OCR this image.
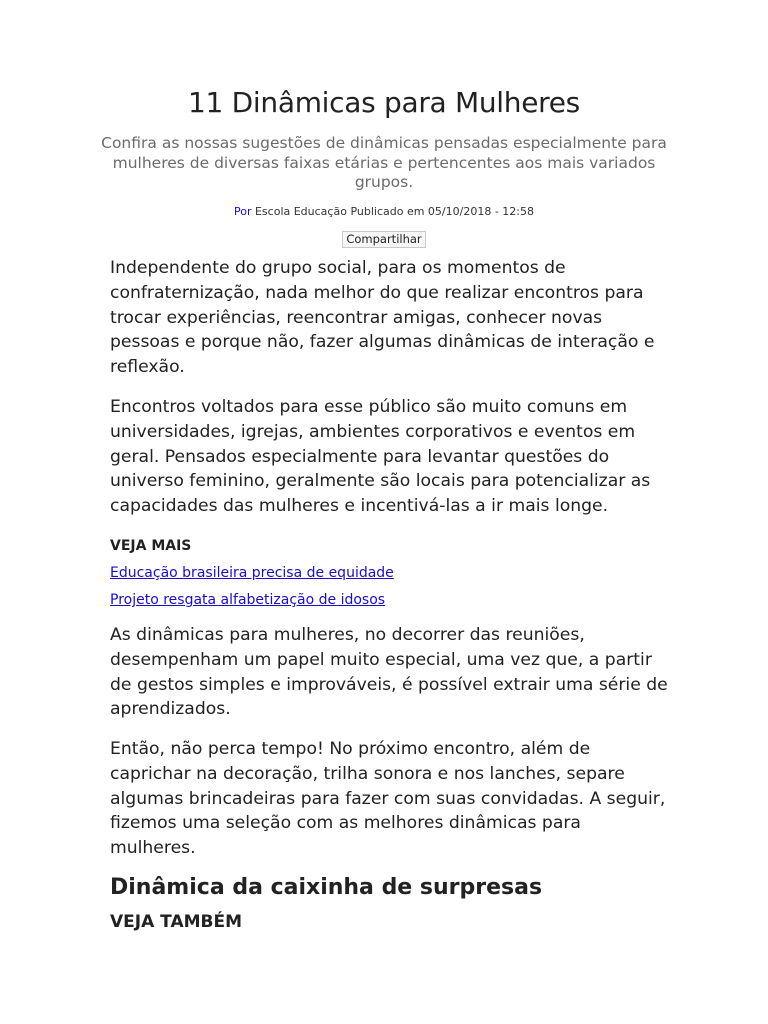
11 Dinâmicas para Mulheres

Confira as nossas sugestões de dinâmicas pensadas especialmente para mulheres de diversas faixas etárias e pertencentes aos mais variados grupos.

Por Escola Educação Publicado em 05/10/2018 - 12:58
Compartilhar

Independente do grupo social, para os momentos de confraternização, nada melhor do que realizar encontros para trocar experiências, reencontrar amigas, conhecer novas pessoas e porque não, fazer algumas dinâmicas de interação e reflexão.

Encontros voltados para esse público são muito comuns em universidades, igrejas, ambientes corporativos e eventos em geral. Pensados especialmente para levantar questões do universo feminino, geralmente são locais para potencializar as capacidades das mulheres e incentivá-las a ir mais longe.

VEJA MAIS
Educação brasileira precisa de equidade
Projeto resgata alfabetização de idosos

As dinâmicas para mulheres, no decorrer das reuniões, desempenham um papel muito especial, uma vez que, a partir de gestos simples e improváveis, é possível extrair uma série de aprendizados.

Então, não perca tempo! No próximo encontro, além de caprichar na decoração, trilha sonora e nos lanches, separe algumas brincadeiras para fazer com suas convidadas. A seguir, fizemos uma seleção com as melhores dinâmicas para mulheres.

Dinâmica da caixinha de surpresas
VEJA TAMBÉM
